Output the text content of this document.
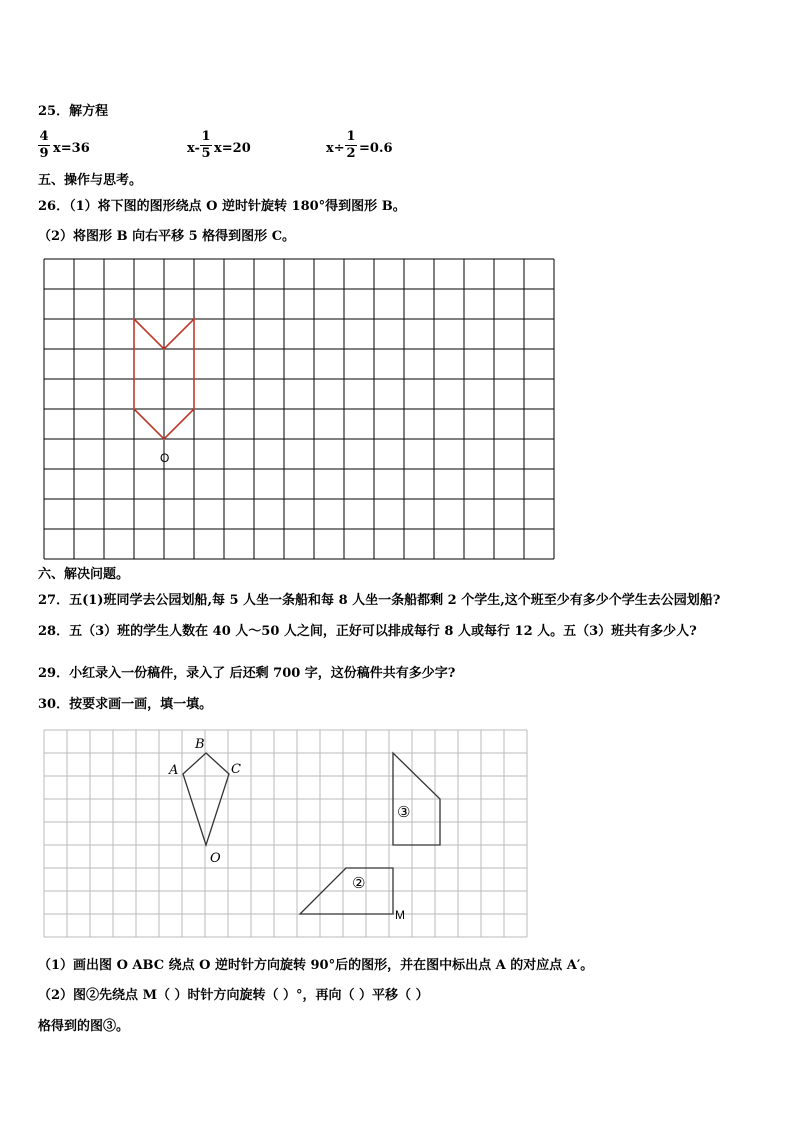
25．解方程
4
9 x=36	x-
1
5 x=20	x÷
1
2 =0.6
五、操作与思考。
26．（1）将下图的图形绕点 O 逆时针旋转 180°得到图形 B。
（2）将图形 B 向右平移 5 格得到图形 C。
O
六、解决问题。
27．五(1)班同学去公园划船,每 5 人坐一条船和每 8 人坐一条船都剩 2 个学生,这个班至少有多少个学生去公园划船?
28．五（3）班的学生人数在 40 人～50 人之间，正好可以排成每行 8 人或每行 12 人。五（3）班共有多少人?
29．小红录入一份稿件，录入了 后还剩 700 字，这份稿件共有多少字?
30．按要求画一画，填一填。
B
A	C
O
③
②
M
（1）画出图 O ABC 绕点 O 逆时针方向旋转 90°后的图形，并在图中标出点 A 的对应点 A′。
（2）图②先绕点 M（ ）时针方向旋转（ ）°，再向（ ）平移（ ）
格得到的图③。
